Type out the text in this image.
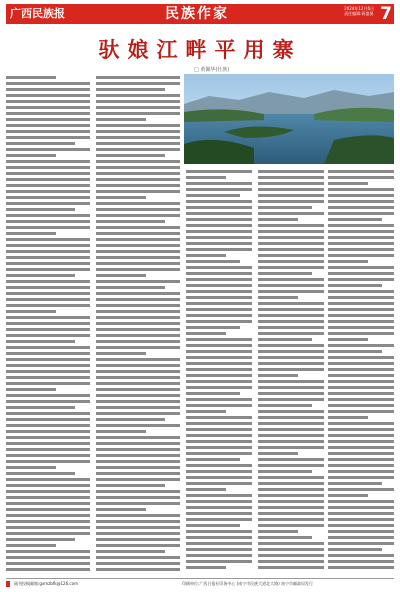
广西民族报	民族作家	2024年12月6日
责任编辑:蒋盛贤 7
驮娘江畔平用寨
□ 黄佩华(壮族)
副刊投稿邮箱:gxmzbfk@126.com	印刷单位:广西日报社印务中心 (南宁市民族大道北大路) 南宁市邮政局发行
